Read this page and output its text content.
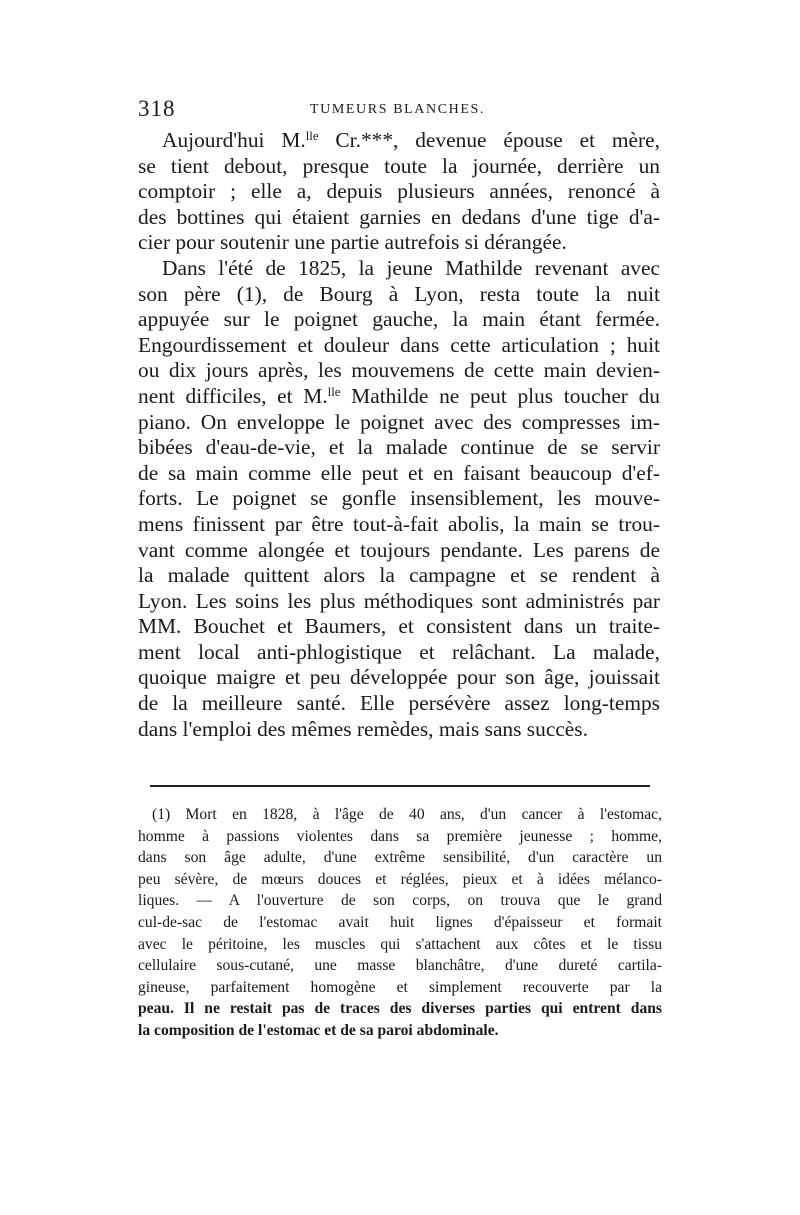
318	TUMEURS BLANCHES.
Aujourd'hui M.$^{lle}$ Cr.***, devenue épouse et mère,
se tient debout, presque toute la journée, derrière un
comptoir ; elle a, depuis plusieurs années, renoncé à
des bottines qui étaient garnies en dedans d'une tige d'a-
cier pour soutenir une partie autrefois si dérangée.
Dans l'été de 1825, la jeune Mathilde revenant avec
son père (1), de Bourg à Lyon, resta toute la nuit
appuyée sur le poignet gauche, la main étant fermée.
Engourdissement et douleur dans cette articulation ; huit
ou dix jours après, les mouvemens de cette main devien-
nent difficiles, et M.$^{lle}$ Mathilde ne peut plus toucher du
piano. On enveloppe le poignet avec des compresses im-
bibées d'eau-de-vie, et la malade continue de se servir
de sa main comme elle peut et en faisant beaucoup d'ef-
forts. Le poignet se gonfle insensiblement, les mouve-
mens finissent par être tout-à-fait abolis, la main se trou-
vant comme alongée et toujours pendante. Les parens de
la malade quittent alors la campagne et se rendent à
Lyon. Les soins les plus méthodiques sont administrés par
MM. Bouchet et Baumers, et consistent dans un traite-
ment local anti-phlogistique et relâchant. La malade,
quoique maigre et peu développée pour son âge, jouissait
de la meilleure santé. Elle persévère assez long-temps
dans l'emploi des mêmes remèdes, mais sans succès.
(1) Mort en 1828, à l'âge de 40 ans, d'un cancer à l'estomac,
homme à passions violentes dans sa première jeunesse ; homme,
dans son âge adulte, d'une extrême sensibilité, d'un caractère un
peu sévère, de mœurs douces et réglées, pieux et à idées mélanco-
liques. — A l'ouverture de son corps, on trouva que le grand
cul-de-sac de l'estomac avait huit lignes d'épaisseur et formait
avec le péritoine, les muscles qui s'attachent aux côtes et le tissu
cellulaire sous-cutané, une masse blanchâtre, d'une dureté cartila-
gineuse, parfaitement homogène et simplement recouverte par la
peau. Il ne restait pas de traces des diverses parties qui entrent dans
la composition de l'estomac et de sa paroi abdominale.
